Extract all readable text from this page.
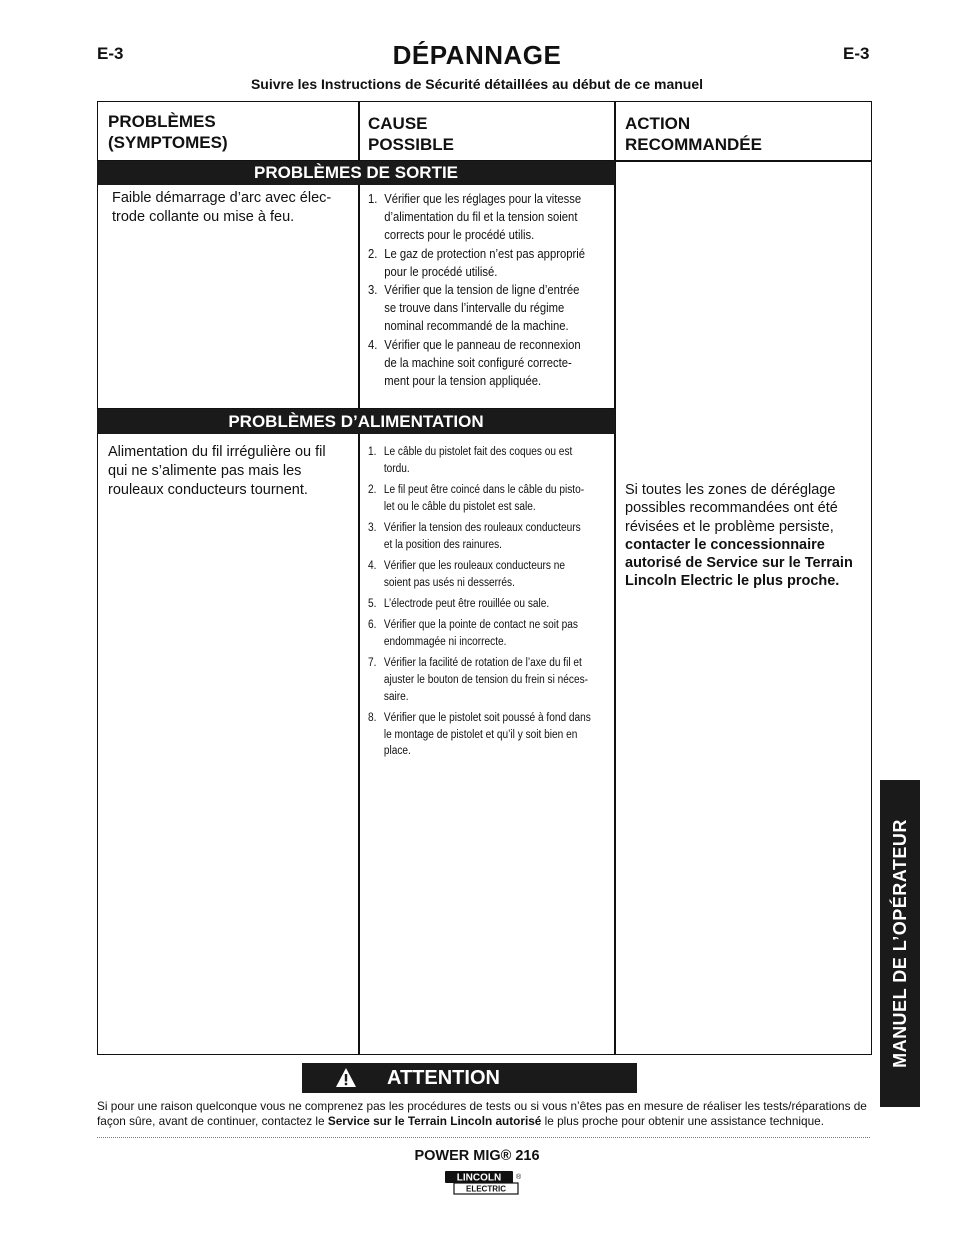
E-3	E-3
DÉPANNAGE
Suivre les Instructions de Sécurité détaillées au début de ce manuel
PROBLÈMES
(SYMPTOMES)
CAUSE
POSSIBLE
ACTION
RECOMMANDÉE
PROBLÈMES DE SORTIE
Faible démarrage d’arc avec élec-
trode collante ou mise à feu.
1. Vérifier que les réglages pour la vitesse
d’alimentation du fil et la tension soient
corrects pour le procédé utilis.
2. Le gaz de protection n’est pas approprié
pour le procédé utilisé.
3. Vérifier que la tension de ligne d’entrée
se trouve dans l’intervalle du régime
nominal recommandé de la machine.
4. Vérifier que le panneau de reconnexion
de la machine soit configuré correcte-
ment pour la tension appliquée.
PROBLÈMES D’ALIMENTATION
Alimentation du fil irrégulière ou fil
qui ne s’alimente pas mais les
rouleaux conducteurs tournent.
1. Le câble du pistolet fait des coques ou est
tordu.
2. Le fil peut être coincé dans le câble du pisto-
let ou le câble du pistolet est sale.
3. Vérifier la tension des rouleaux conducteurs
et la position des rainures.
4. Vérifier que les rouleaux conducteurs ne
soient pas usés ni desserrés.
5. L’électrode peut être rouillée ou sale.
6. Vérifier que la pointe de contact ne soit pas
endommagée ni incorrecte.
7. Vérifier la facilité de rotation de l’axe du fil et
ajuster le bouton de tension du frein si néces-
saire.
8. Vérifier que le pistolet soit poussé à fond dans
le montage de pistolet et qu’il y soit bien en
place.
Si toutes les zones de déréglage
possibles recommandées ont été
révisées et le problème persiste,
contacter le concessionnaire
autorisé de Service sur le Terrain
Lincoln Electric le plus proche.
MANUEL DE L’OPÉRATEUR
ATTENTION
Si pour une raison quelconque vous ne comprenez pas les procédures de tests ou si vous n’êtes pas en mesure de réaliser les tests/réparations de façon sûre, avant de continuer, contactez le Service sur le Terrain Lincoln autorisé le plus proche pour obtenir une assistance technique.
POWER MIG® 216
LINCOLN ®
ELECTRIC
